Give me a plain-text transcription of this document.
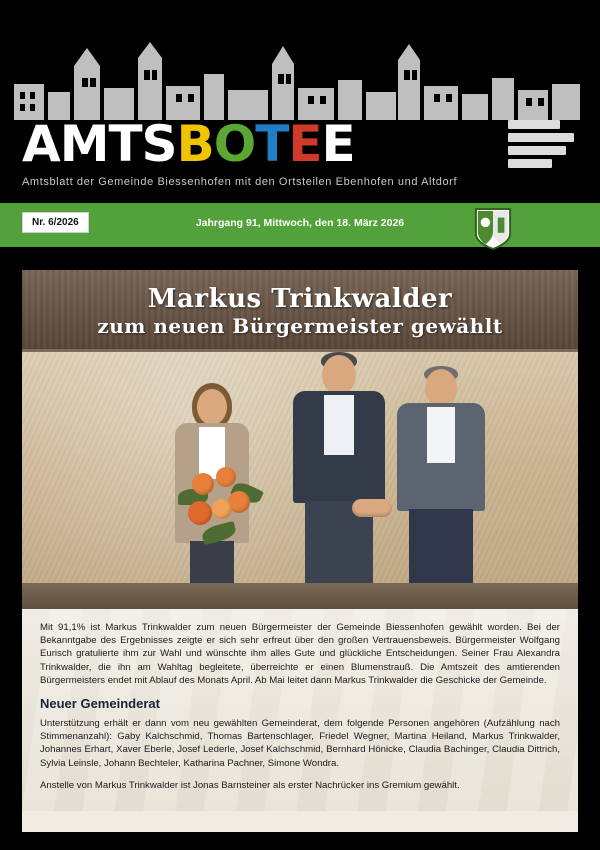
AMTS B O T E E
Amtsblatt der Gemeinde Biessenhofen mit den Ortsteilen Ebenhofen und Altdorf
Nr. 6/2026	Jahrgang 91, Mittwoch, den 18. März 2026
Markus Trinkwalder
zum neuen Bürgermeister gewählt

Mit 91,1% ist Markus Trinkwalder zum neuen Bürgermeister der Gemeinde Biessenhofen gewählt worden. Bei der Bekanntgabe des Ergebnisses zeigte er sich sehr erfreut über den großen Vertrauensbeweis. Bürgermeister Wolfgang Eurisch gratulierte ihm zur Wahl und wünschte ihm alles Gute und glückliche Entscheidungen. Seiner Frau Alexandra Trinkwalder, die ihn am Wahltag begleitete, überreichte er einen Blumenstrauß. Die Amtszeit des amtierenden Bürgermeisters endet mit Ablauf des Monats April. Ab Mai leitet dann Markus Trinkwalder die Geschicke der Gemeinde.

Neuer Gemeinderat

Unterstützung erhält er dann vom neu gewählten Gemeinderat, dem folgende Personen angehören (Aufzählung nach Stimmenanzahl): Gaby Kalchschmid, Thomas Bartenschlager, Friedel Wegner, Martina Heiland, Markus Trinkwalder, Johannes Erhart, Xaver Eberle, Josef Lederle, Josef Kalchschmid, Bernhard Hönicke, Claudia Bachinger, Claudia Dittrich, Sylvia Leinsle, Johann Bechteler, Katharina Pachner, Simone Wondra.

Anstelle von Markus Trinkwalder ist Jonas Barnsteiner als erster Nachrücker ins Gremium gewählt.
